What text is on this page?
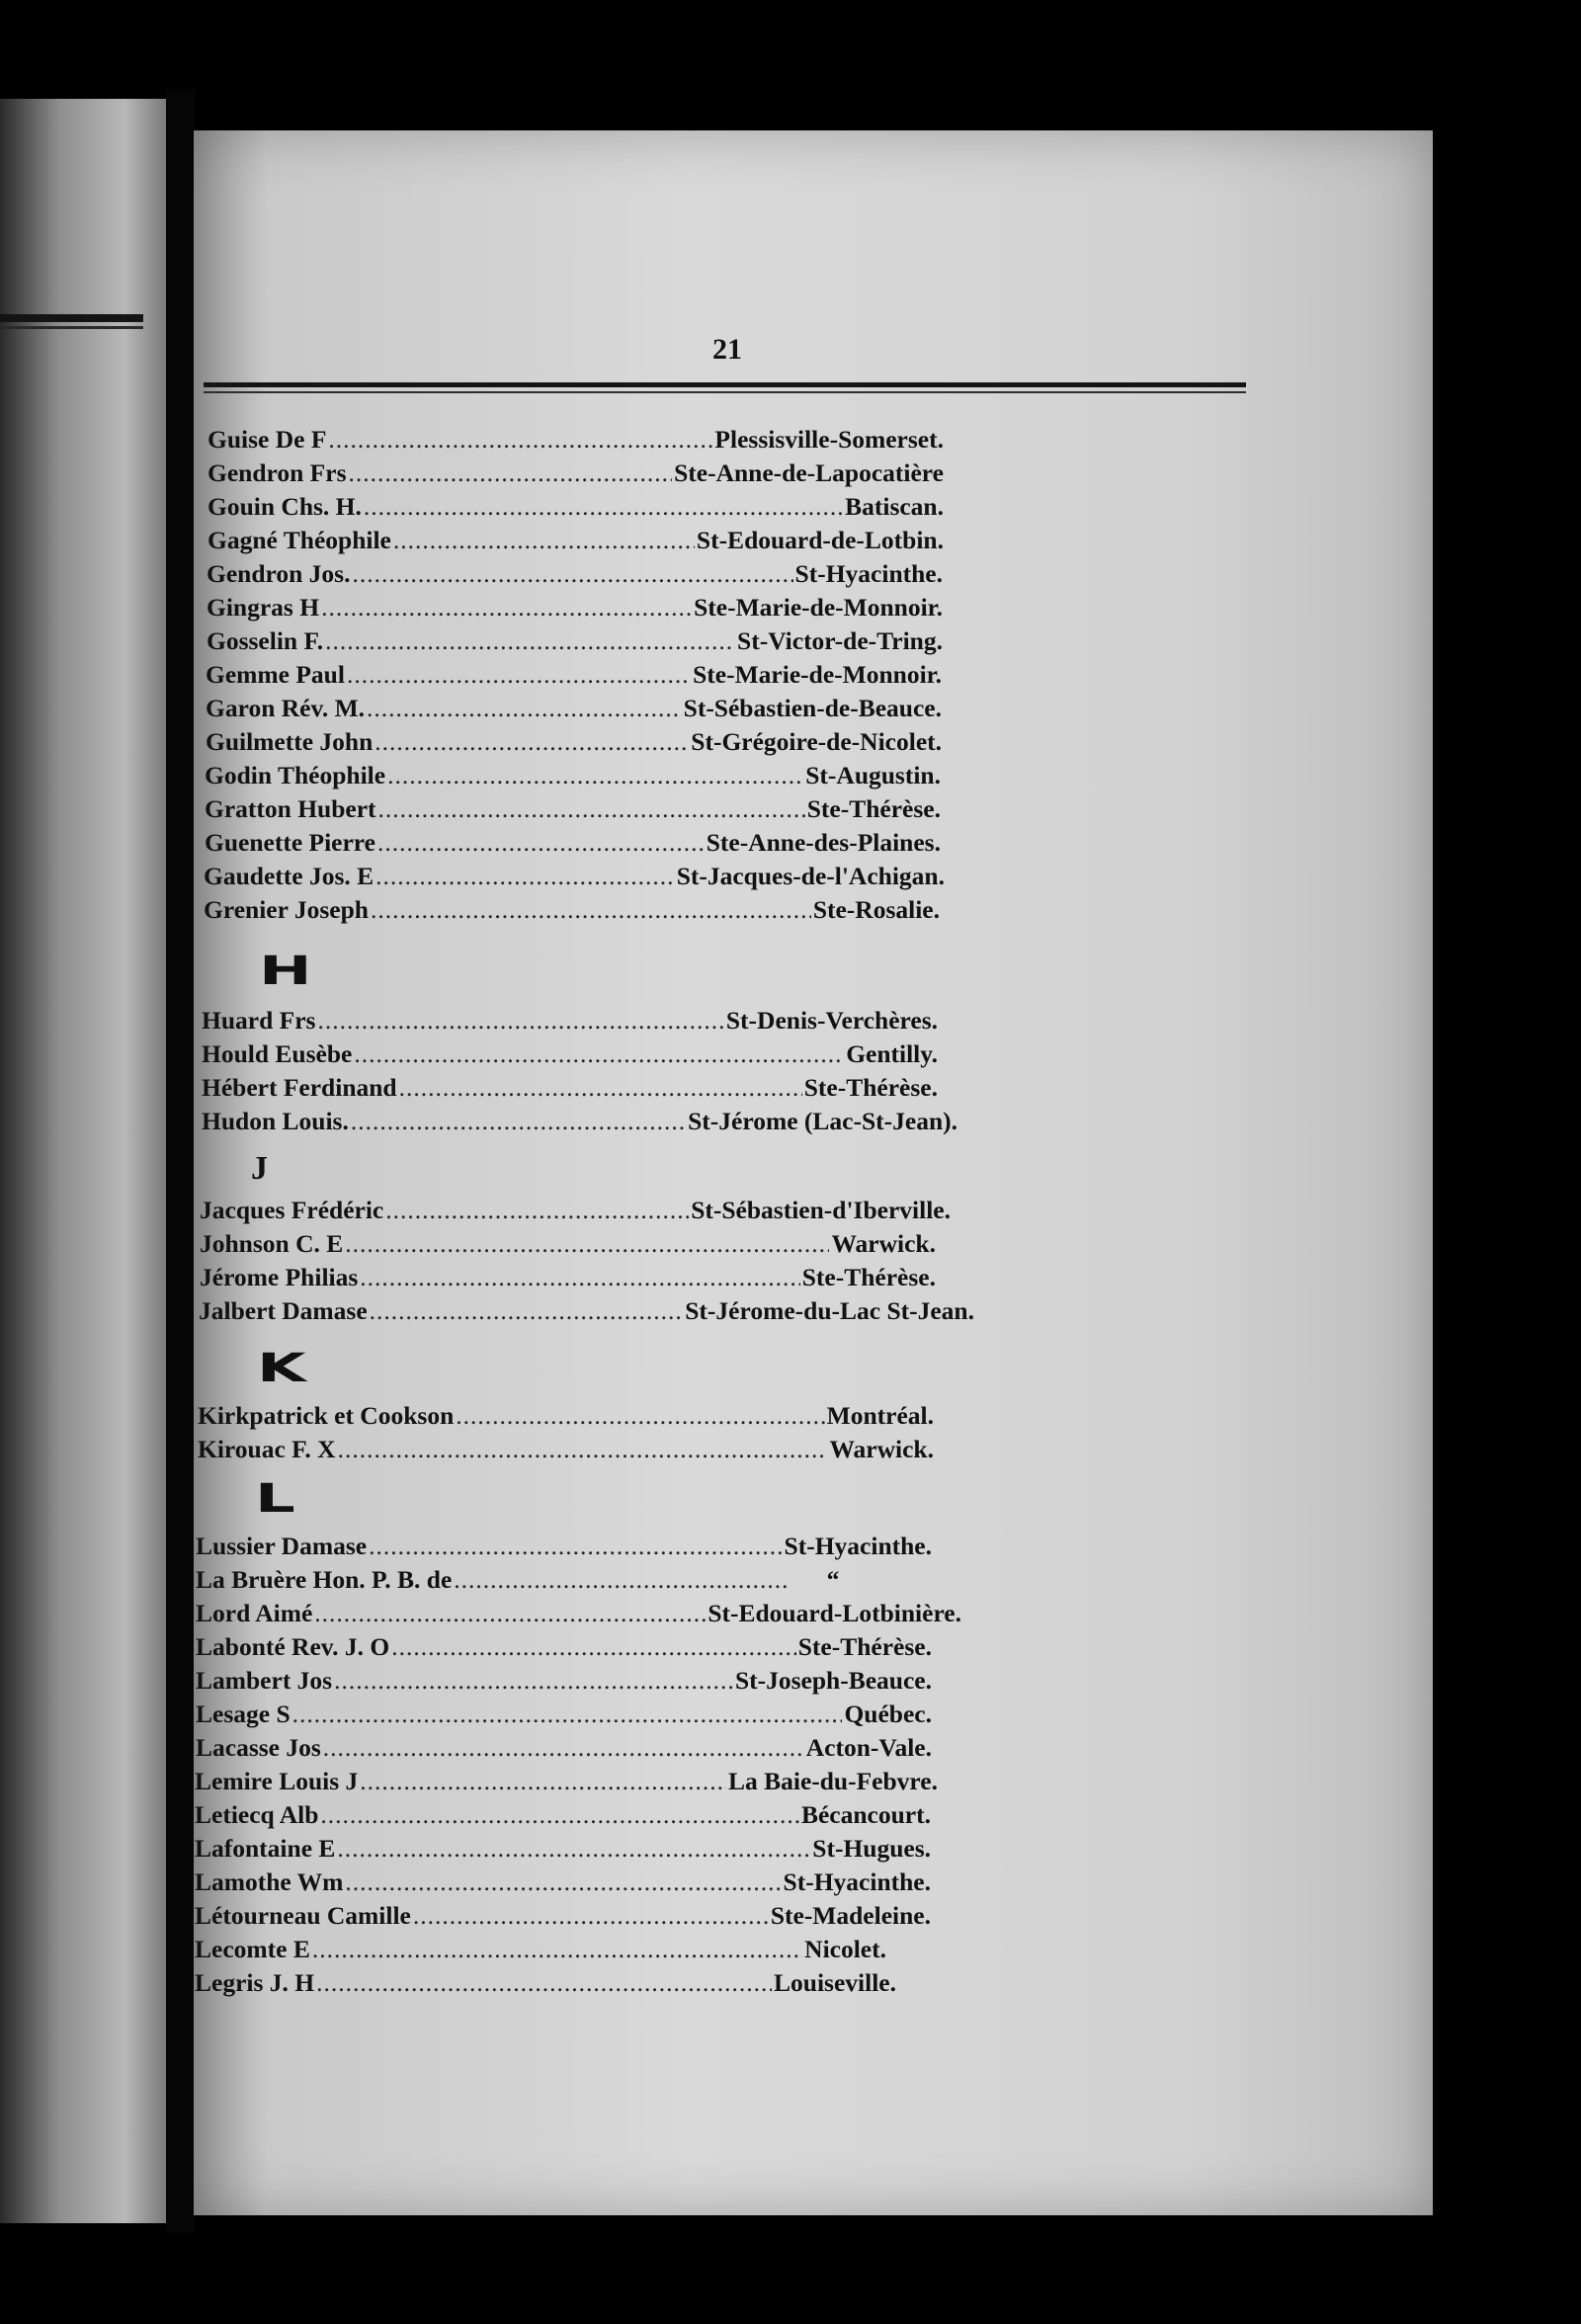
21
Guise De F .....	Plessisville-Somerset.
Gendron Frs .....	Ste-Anne-de-Lapocatière
Gouin Chs. H. .....	Batiscan.
Gagné Théophile .....	St-Edouard-de-Lotbin.
Gendron Jos. .....	St-Hyacinthe.
Gingras H .....	Ste-Marie-de-Monnoir.
Gosselin F. .....	St-Victor-de-Tring.
Gemme Paul .....	Ste-Marie-de-Monnoir.
Garon Rév. M. .....	St-Sébastien-de-Beauce.
Guilmette John .....	St-Grégoire-de-Nicolet.
Godin Théophile .....	St-Augustin.
Gratton Hubert .....	Ste-Thérèse.
Guenette Pierre .....	Ste-Anne-des-Plaines.
Gaudette Jos. E .....	St-Jacques-de-l'Achigan.
Grenier Joseph .....	Ste-Rosalie.
H
Huard Frs .....	St-Denis-Verchères.
Hould Eusèbe .....	Gentilly.
Hébert Ferdinand .....	Ste-Thérèse.
Hudon Louis. .....	St-Jérome (Lac-St-Jean).
J
Jacques Frédéric .....	St-Sébastien-d'Iberville.
Johnson C. E .....	Warwick.
Jérome Philias .....	Ste-Thérèse.
Jalbert Damase .....	St-Jérome-du-Lac St-Jean.
K
Kirkpatrick et Cookson .....	Montréal.
Kirouac F. X .....	Warwick.
L
Lussier Damase .....	St-Hyacinthe.
La Bruère Hon. P. B. de .....	“
Lord Aimé .....	St-Edouard-Lotbinière.
Labonté Rev. J. O .....	Ste-Thérèse.
Lambert Jos .....	St-Joseph-Beauce.
Lesage S .....	Québec.
Lacasse Jos .....	Acton-Vale.
Lemire Louis J .....	La Baie-du-Febvre.
Letiecq Alb .....	Bécancourt.
Lafontaine E .....	St-Hugues.
Lamothe Wm .....	St-Hyacinthe.
Létourneau Camille .....	Ste-Madeleine.
Lecomte E .....	Nicolet.
Legris J. H .....	Louiseville.
